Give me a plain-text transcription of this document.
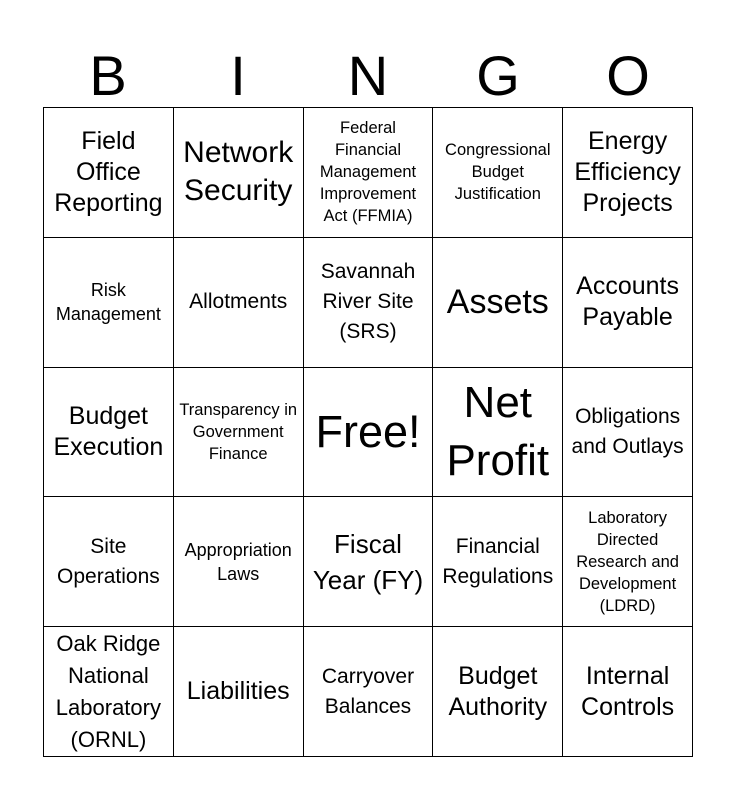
B	I	N	G	O
Field Office Reporting
Network Security
Federal Financial Management Improvement Act (FFMIA)
Congressional Budget Justification
Energy Efficiency Projects
Risk Management
Allotments
Savannah River Site (SRS)
Assets	Accounts Payable
Budget Execution
Transparency in Government Finance	Free!
Net Profit
Obligations and Outlays
Site Operations
Appropriation Laws
Fiscal Year (FY)
Financial Regulations
Laboratory Directed Research and Development (LDRD)
Oak Ridge National Laboratory (ORNL)
Liabilities
Carryover Balances
Budget Authority
Internal Controls
